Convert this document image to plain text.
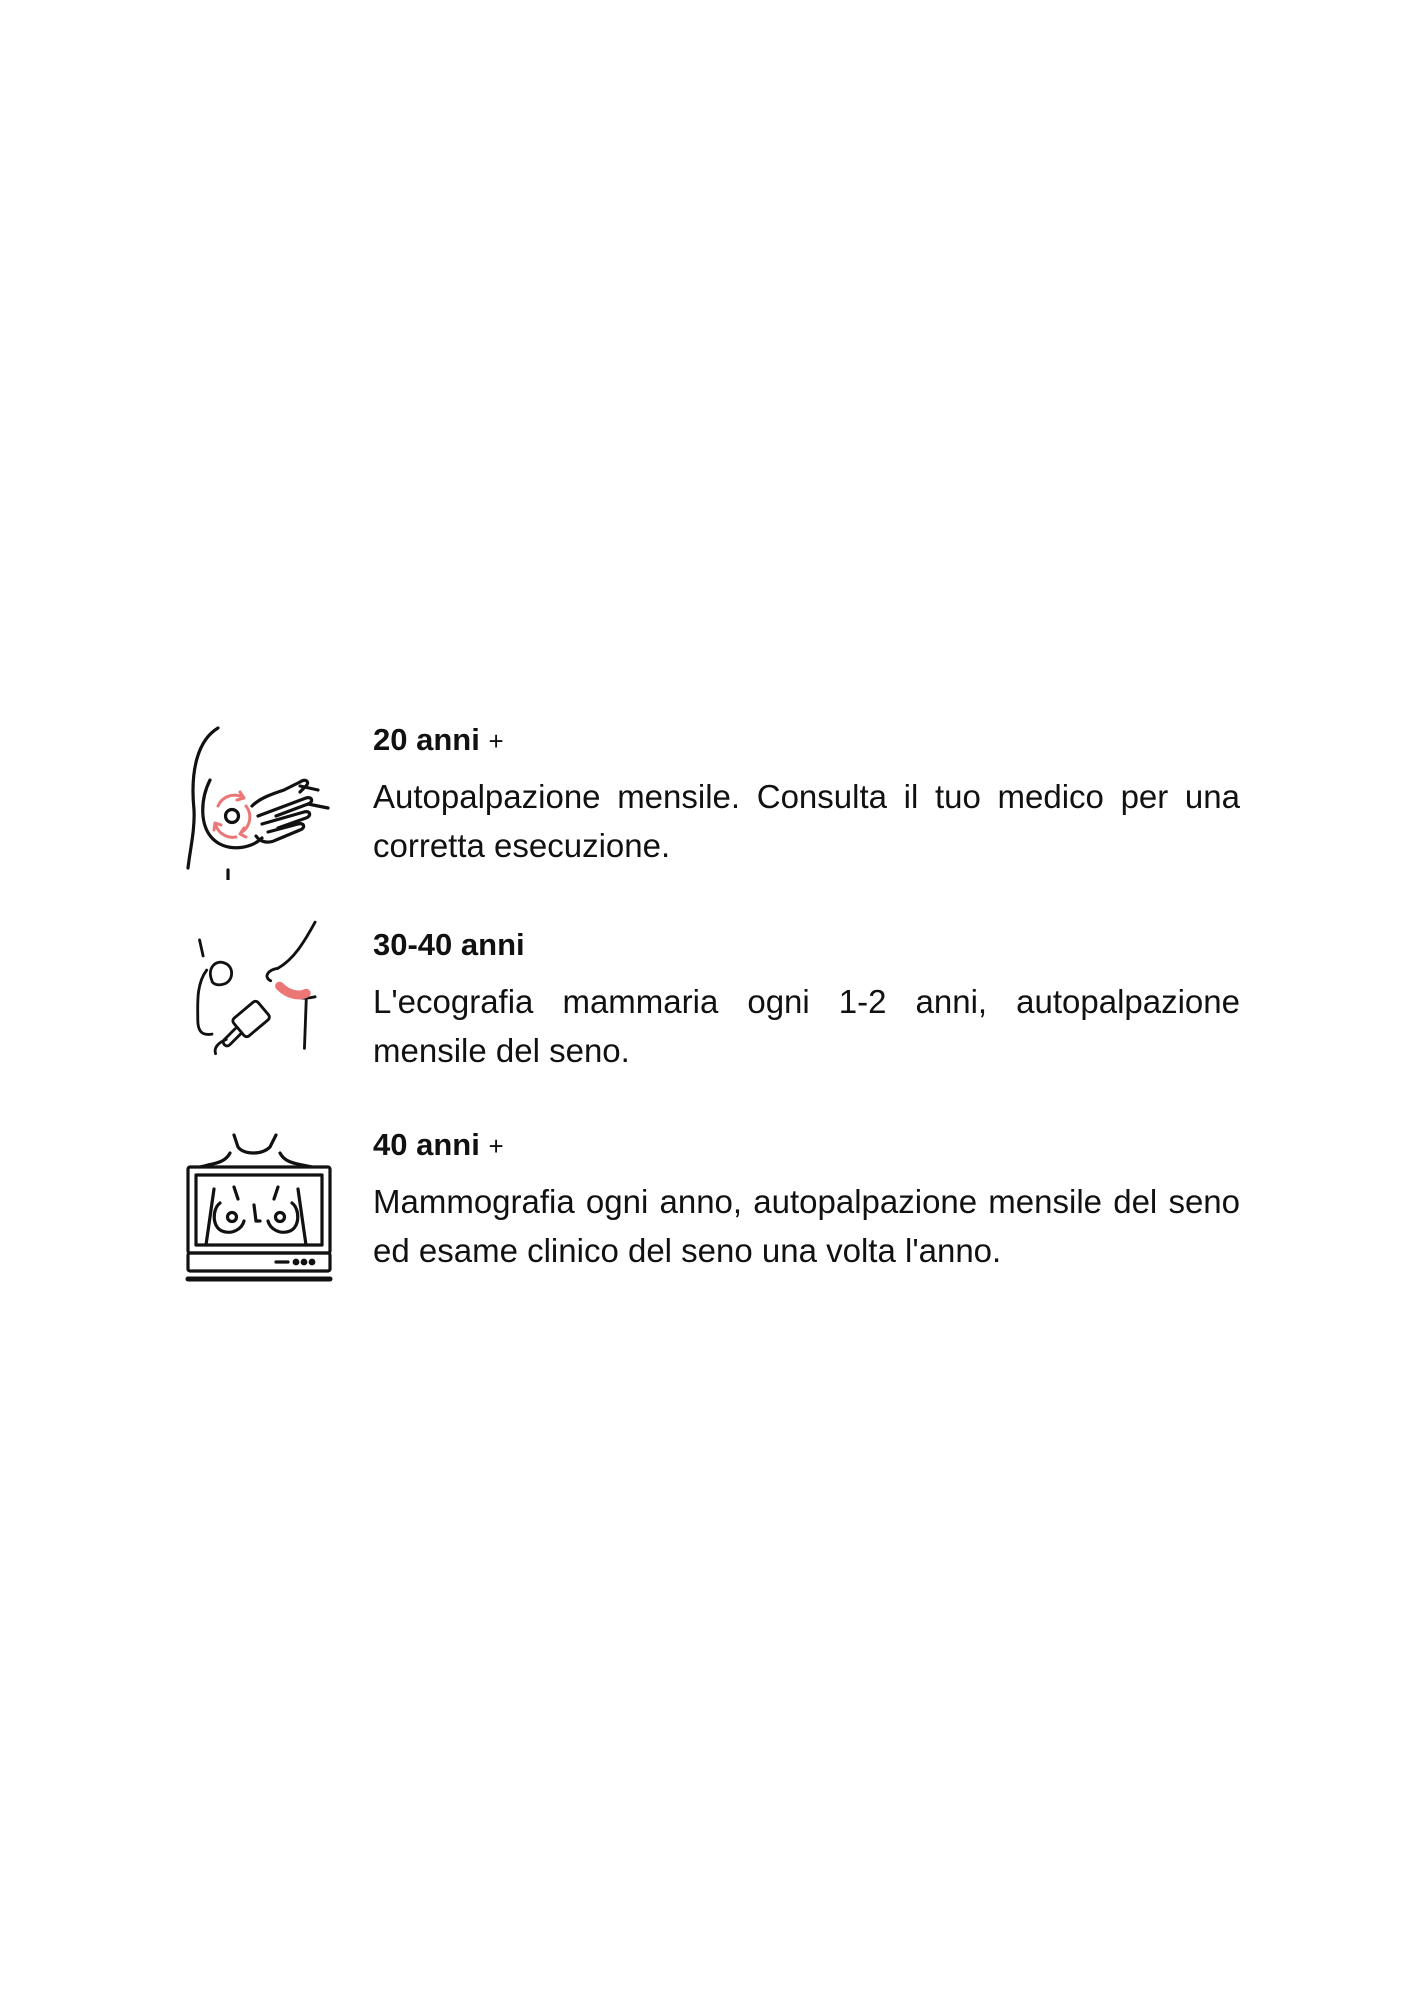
20 anni +
Autopalpazione mensile. Consulta il tuo medico per una corretta esecuzione.
30-40 anni
L'ecografia mammaria ogni 1-2 anni, autopalpazione mensile del seno.
40 anni +
Mammografia ogni anno, autopalpazione mensile del seno ed esame clinico del seno una volta l'anno.
